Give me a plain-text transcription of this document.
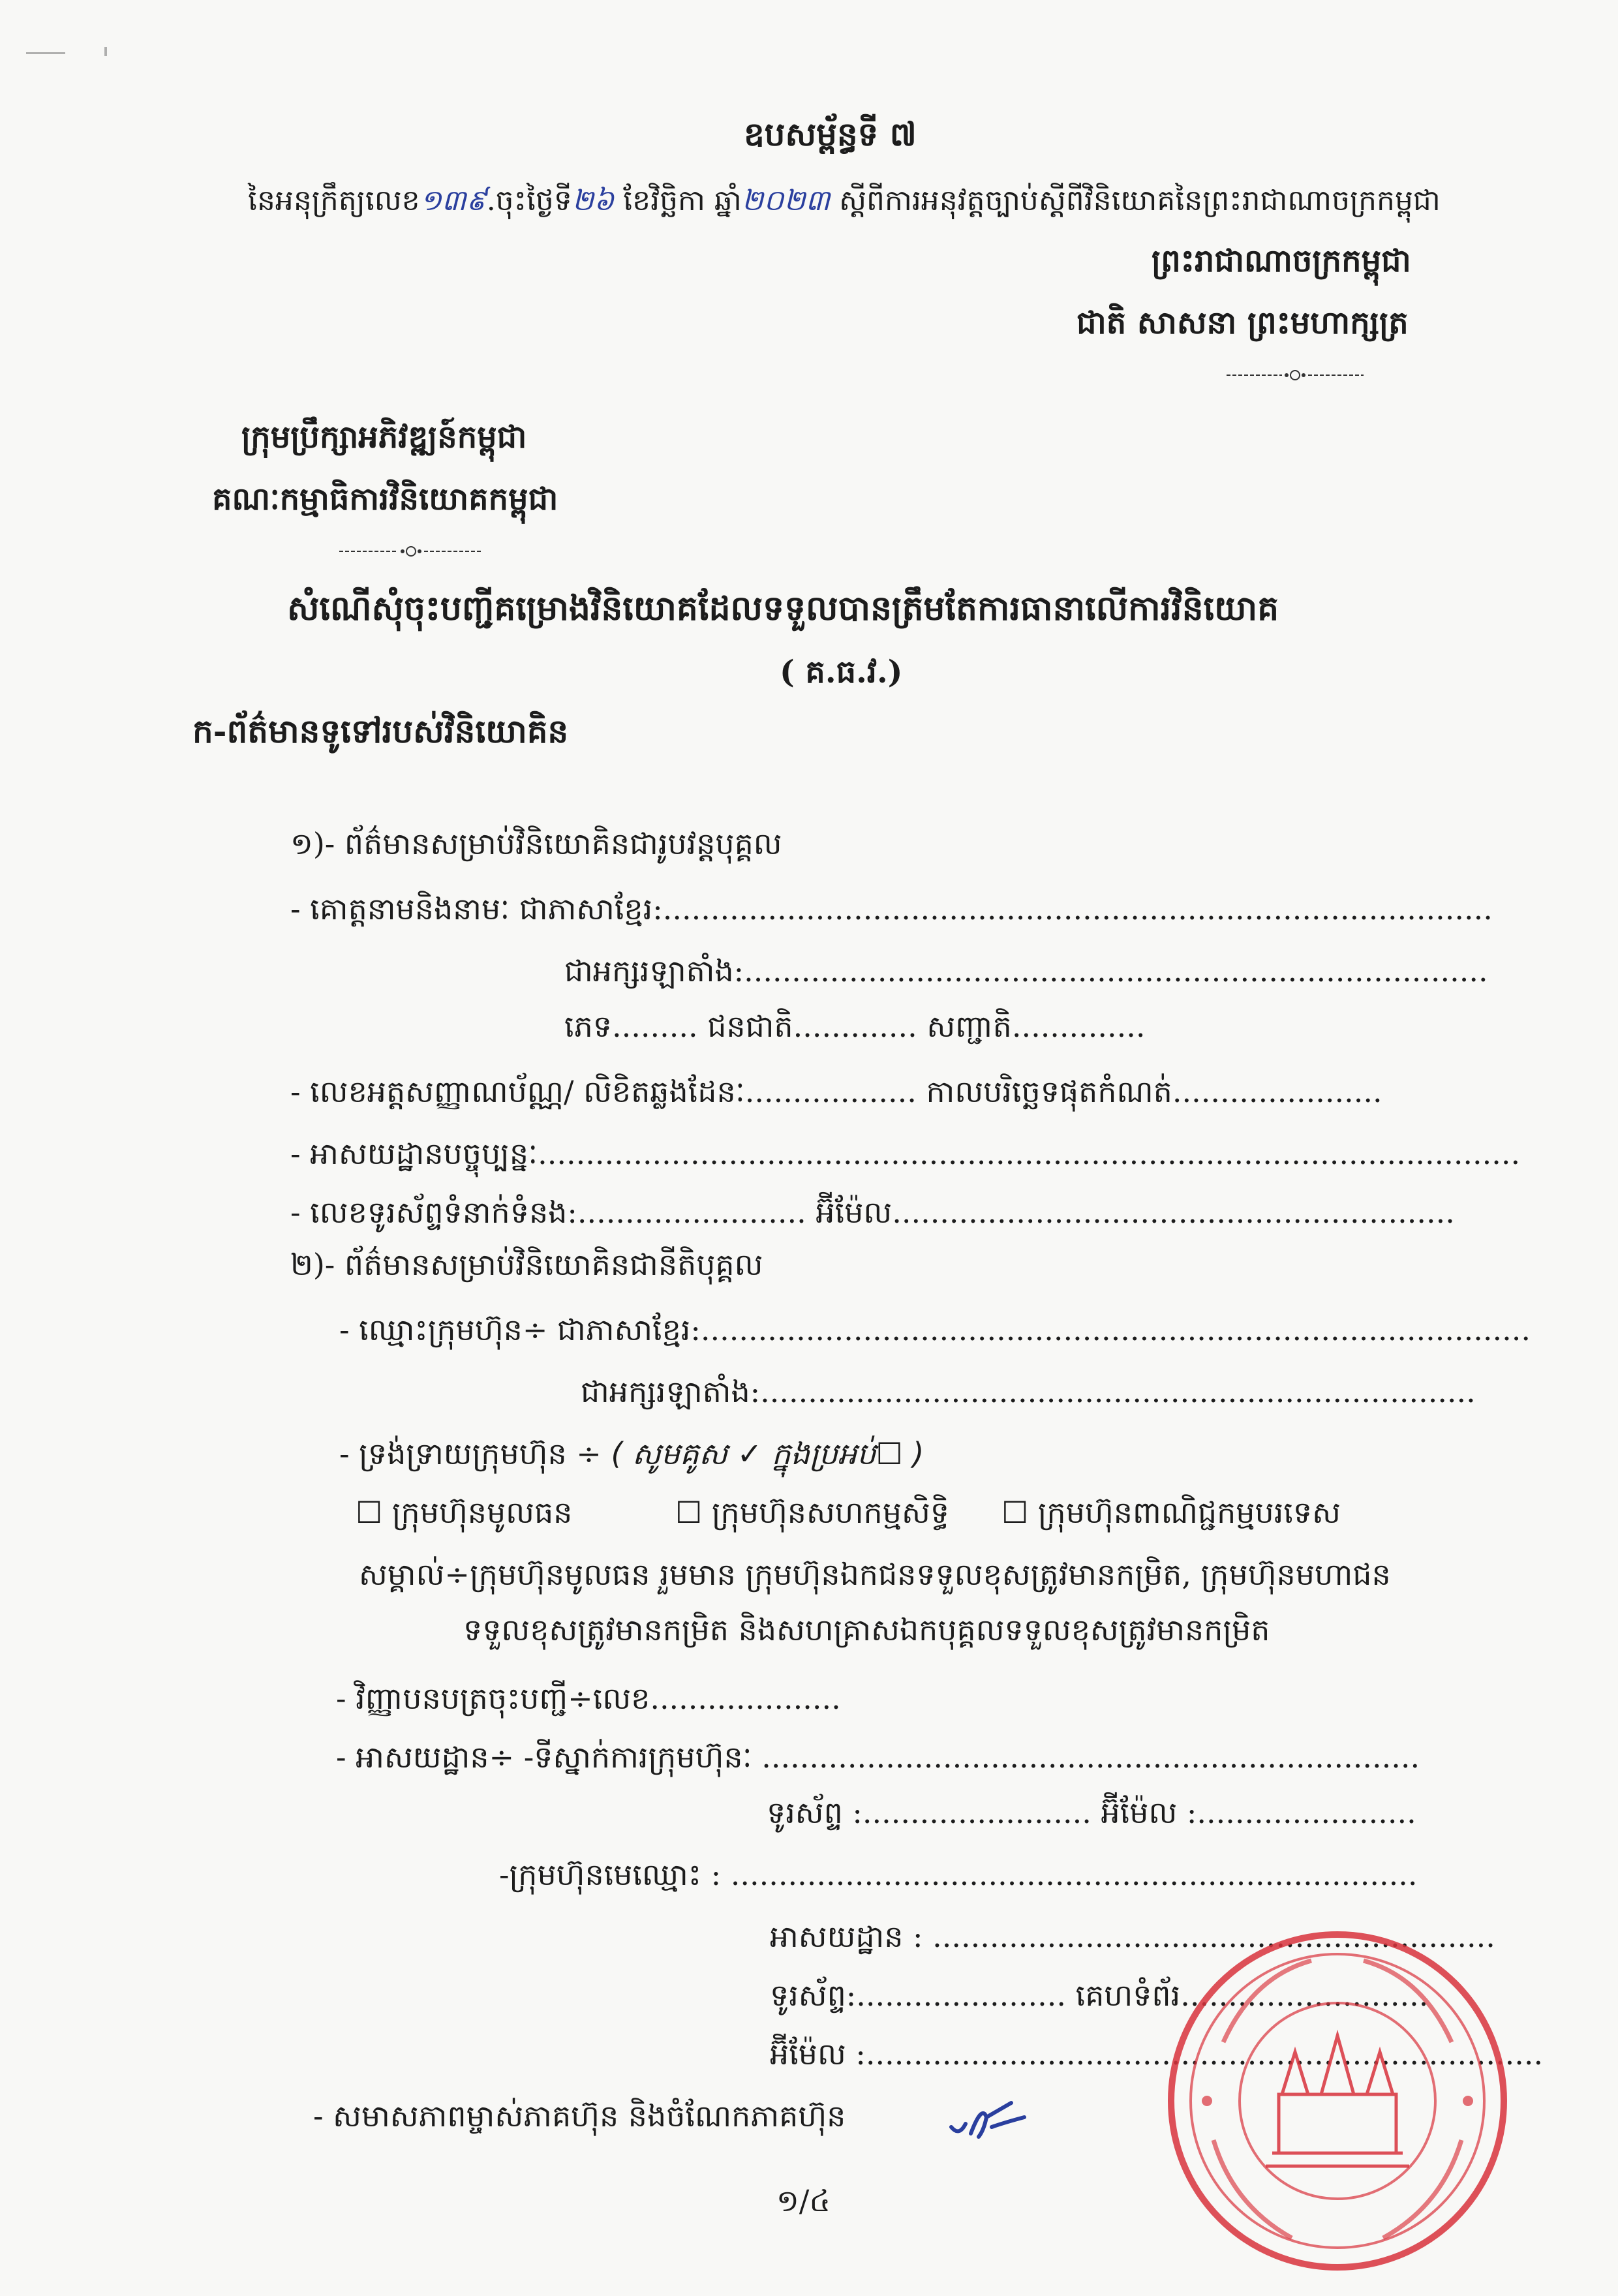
ឧបសម្ព័ន្ធទី ៧
នៃអនុក្រឹត្យលេខ១៣៩.ចុះថ្ងៃទី២៦ ខែវិច្ឆិកា ឆ្នាំ២០២៣ ស្តីពីការអនុវត្តច្បាប់ស្តីពីវិនិយោគនៃព្រះរាជាណាចក្រកម្ពុជា
ព្រះរាជាណាចក្រកម្ពុជា
ជាតិ សាសនា ព្រះមហាក្សត្រ
ក្រុមប្រឹក្សាអភិវឌ្ឍន៍កម្ពុជា
គណៈកម្មាធិការវិនិយោគកម្ពុជា
សំណើសុំចុះបញ្ជីគម្រោងវិនិយោគដែលទទួលបានត្រឹមតែការធានាលើការវិនិយោគ
( គ.ធ.វ.)
ក-ព័ត៌មានទូទៅរបស់វិនិយោគិន
១)- ព័ត៌មានសម្រាប់វិនិយោគិនជារូបវន្តបុគ្គល
- គោត្តនាមនិងនាមៈ ជាភាសាខ្មែរ:.......................................................................................
ជាអក្សរឡាតាំង:..............................................................................
ភេទ......... ជនជាតិ............. សញ្ជាតិ..............
- លេខអត្តសញ្ញាណប័ណ្ណ/ លិខិតឆ្លងដែនៈ.................. កាលបរិច្ឆេទផុតកំណត់......................
- អាសយដ្ឋានបច្ចុប្បន្នៈ.......................................................................................................
- លេខទូរស័ព្ទទំនាក់ទំនង:........................ អ៊ីម៉ែល...........................................................
២)- ព័ត៌មានសម្រាប់វិនិយោគិនជានីតិបុគ្គល
- ឈ្មោះក្រុមហ៊ុន÷ ជាភាសាខ្មែរ:.......................................................................................
ជាអក្សរឡាតាំង:...........................................................................
- ទ្រង់ទ្រាយក្រុមហ៊ុន ÷ ( សូមគូស ✓ ក្នុងប្រអប់☐ )
☐ ក្រុមហ៊ុនមូលធន	☐ ក្រុមហ៊ុនសហកម្មសិទ្ធិ ☐ ក្រុមហ៊ុនពាណិជ្ជកម្មបរទេស
សម្គាល់÷ក្រុមហ៊ុនមូលធន រួមមាន ក្រុមហ៊ុនឯកជនទទួលខុសត្រូវមានកម្រិត, ក្រុមហ៊ុនមហាជន
ទទួលខុសត្រូវមានកម្រិត និងសហគ្រាសឯកបុគ្គលទទួលខុសត្រូវមានកម្រិត
- វិញ្ញាបនបត្រចុះបញ្ជី÷លេខ....................
- អាសយដ្ឋាន÷ -ទីស្នាក់ការក្រុមហ៊ុនៈ .....................................................................
ទូរស័ព្ទ :........................ អ៊ីម៉ែល :.......................
-ក្រុមហ៊ុនមេឈ្មោះ : ........................................................................
អាសយដ្ឋាន : ...........................................................
ទូរស័ព្ទ:...................... គេហទំព័រ..........................
អ៊ីម៉ែល :.......................................................................
- សមាសភាពម្ចាស់ភាគហ៊ុន និងចំណែកភាគហ៊ុន
១/៤
